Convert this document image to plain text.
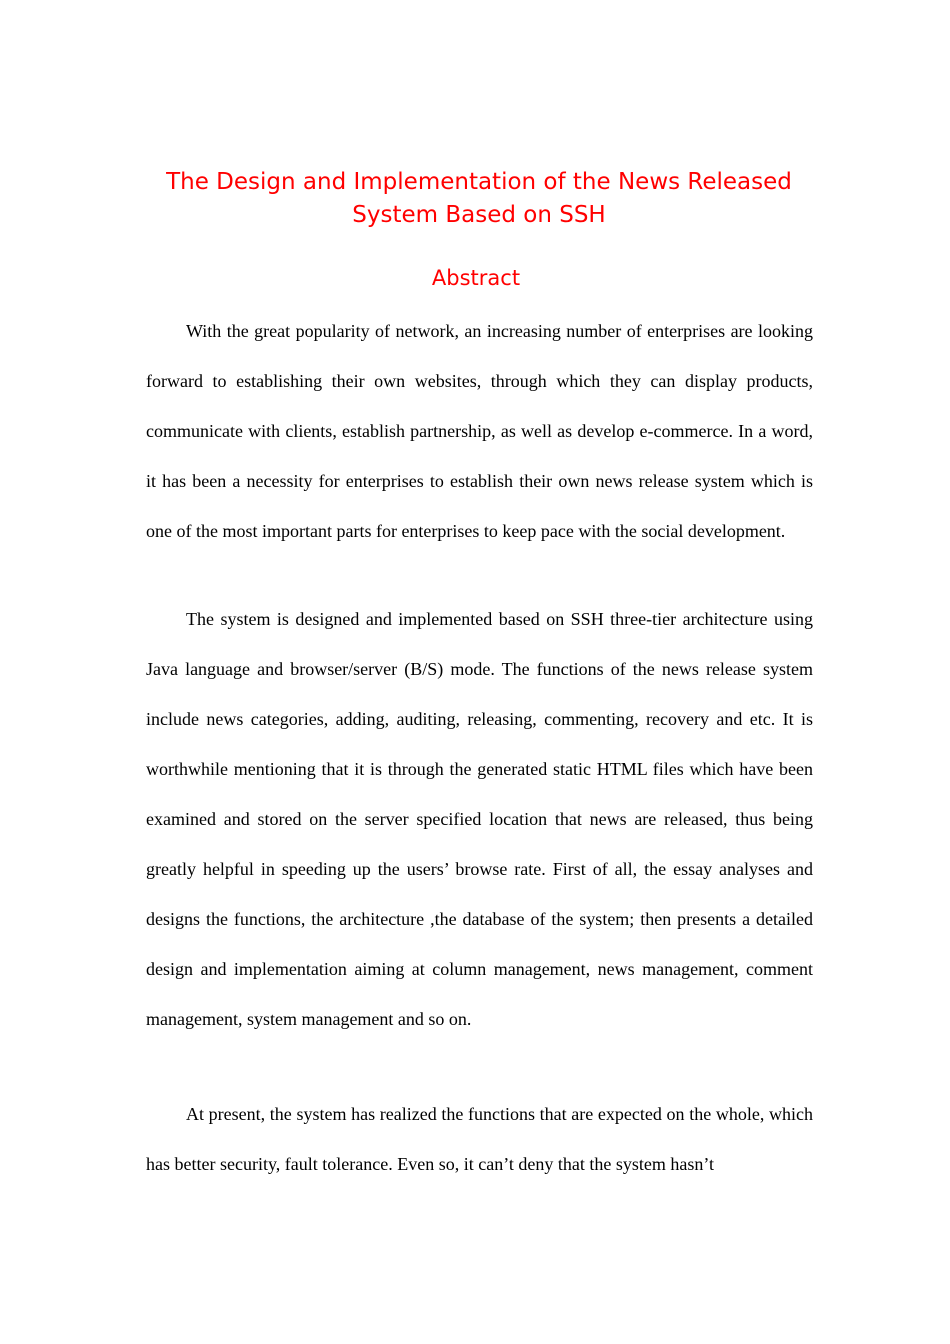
The Design and Implementation of the News Released System Based on SSH
Abstract

With the great popularity of network, an increasing number of enterprises are looking forward to establishing their own websites, through which they can display products, communicate with clients, establish partnership, as well as develop e-commerce. In a word, it has been a necessity for enterprises to establish their own news release system which is one of the most important parts for enterprises to keep pace with the social development.

The system is designed and implemented based on SSH three-tier architecture using Java language and browser/server (B/S) mode. The functions of the news release system include news categories, adding, auditing, releasing, commenting, recovery and etc. It is worthwhile mentioning that it is through the generated static HTML files which have been examined and stored on the server specified location that news are released, thus being greatly helpful in speeding up the users’ browse rate. First of all, the essay analyses and designs the functions, the architecture ,the database of the system; then presents a detailed design and implementation aiming at column management, news management, comment management, system management and so on.

At present, the system has realized the functions that are expected on the whole, which has better security, fault tolerance. Even so, it can’t deny that the system hasn’t
